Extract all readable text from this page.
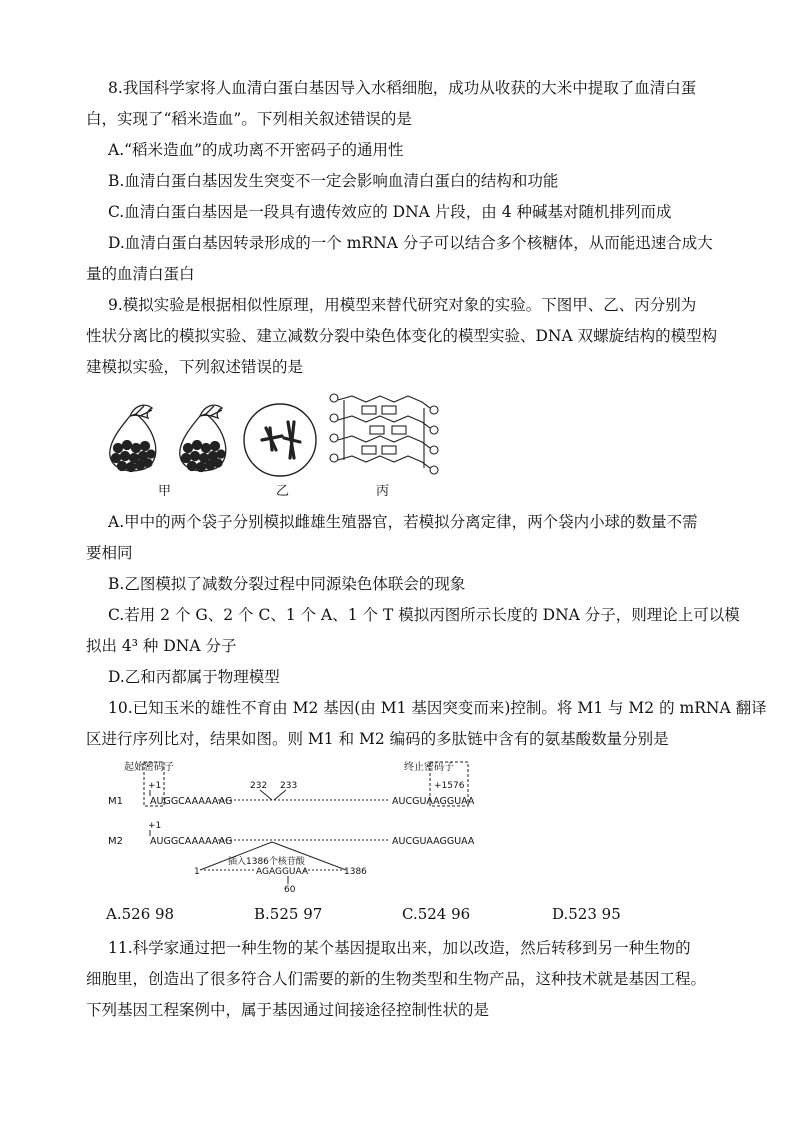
8.我国科学家将人血清白蛋白基因导入水稻细胞，成功从收获的大米中提取了血清白蛋
白，实现了“稻米造血”。下列相关叙述错误的是
A.“稻米造血”的成功离不开密码子的通用性
B.血清白蛋白基因发生突变不一定会影响血清白蛋白的结构和功能
C.血清白蛋白基因是一段具有遗传效应的 DNA 片段，由 4 种碱基对随机排列而成
D.血清白蛋白基因转录形成的一个 mRNA 分子可以结合多个核糖体，从而能迅速合成大
量的血清白蛋白
9.模拟实验是根据相似性原理，用模型来替代研究对象的实验。下图甲、乙、丙分别为
性状分离比的模拟实验、建立减数分裂中染色体变化的模型实验、DNA 双螺旋结构的模型构
建模拟实验，下列叙述错误的是
甲	乙	丙
A.甲中的两个袋子分别模拟雌雄生殖器官，若模拟分离定律，两个袋内小球的数量不需
要相同
B.乙图模拟了减数分裂过程中同源染色体联会的现象
C.若用 2 个 G、2 个 C、1 个 A、1 个 T 模拟丙图所示长度的 DNA 分子，则理论上可以模
拟出 4³ 种 DNA 分子
D.乙和丙都属于物理模型
10.已知玉米的雄性不育由 M2 基因(由 M1 基因突变而来)控制。将 M1 与 M2 的 mRNA 翻译
区进行序列比对，结果如图。则 M1 和 M2 编码的多肽链中含有的氨基酸数量分别是
起始密码子	终止密码子
M1
M2
+1
+1
+1576
232 233
AUGGCAAAAAAG	AUCGUAAGGUAA
AUGGCAAAAAAG	AUCGUAAGGUAA
插入1386个核苷酸
1	1386
AGAGGUAA
60
A.526 98	B.525 97	C.524 96	D.523 95
11.科学家通过把一种生物的某个基因提取出来，加以改造，然后转移到另一种生物的
细胞里，创造出了很多符合人们需要的新的生物类型和生物产品，这种技术就是基因工程。
下列基因工程案例中，属于基因通过间接途径控制性状的是
